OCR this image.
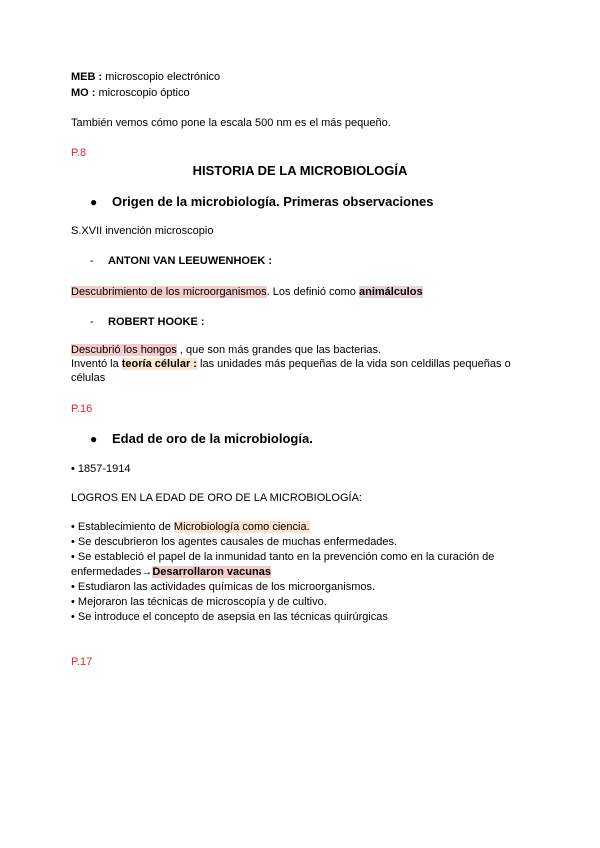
MEB : microscopio electrónico
MO : microscopio óptico
También vemos cómo pone la escala 500 nm es el más pequeño.
P.8
HISTORIA DE LA MICROBIOLOGÍA
● Origen de la microbiología. Primeras observaciones
S.XVII invención microscopio
- ANTONI VAN LEEUWENHOEK :
Descubrimiento de los microorganismos. Los definió como animálculos
- ROBERT HOOKE :
Descubrió los hongos , que son más grandes que las bacterias.
Inventó la teoría célular : las unidades más pequeñas de la vida son celdillas pequeñas o
células
P.16
● Edad de oro de la microbiología.
• 1857-1914
LOGROS EN LA EDAD DE ORO DE LA MICROBIOLOGÍA:
• Establecimiento de Microbiología como ciencia.
• Se descubrieron los agentes causales de muchas enfermedades.
• Se estableció el papel de la inmunidad tanto en la prevención como en la curación de
enfermedades→Desarrollaron vacunas
• Estudiaron las actividades químicas de los microorganismos.
• Mejoraron las técnicas de microscopía y de cultivo.
• Se introduce el concepto de asepsia en las técnicas quirúrgicas
P.17
